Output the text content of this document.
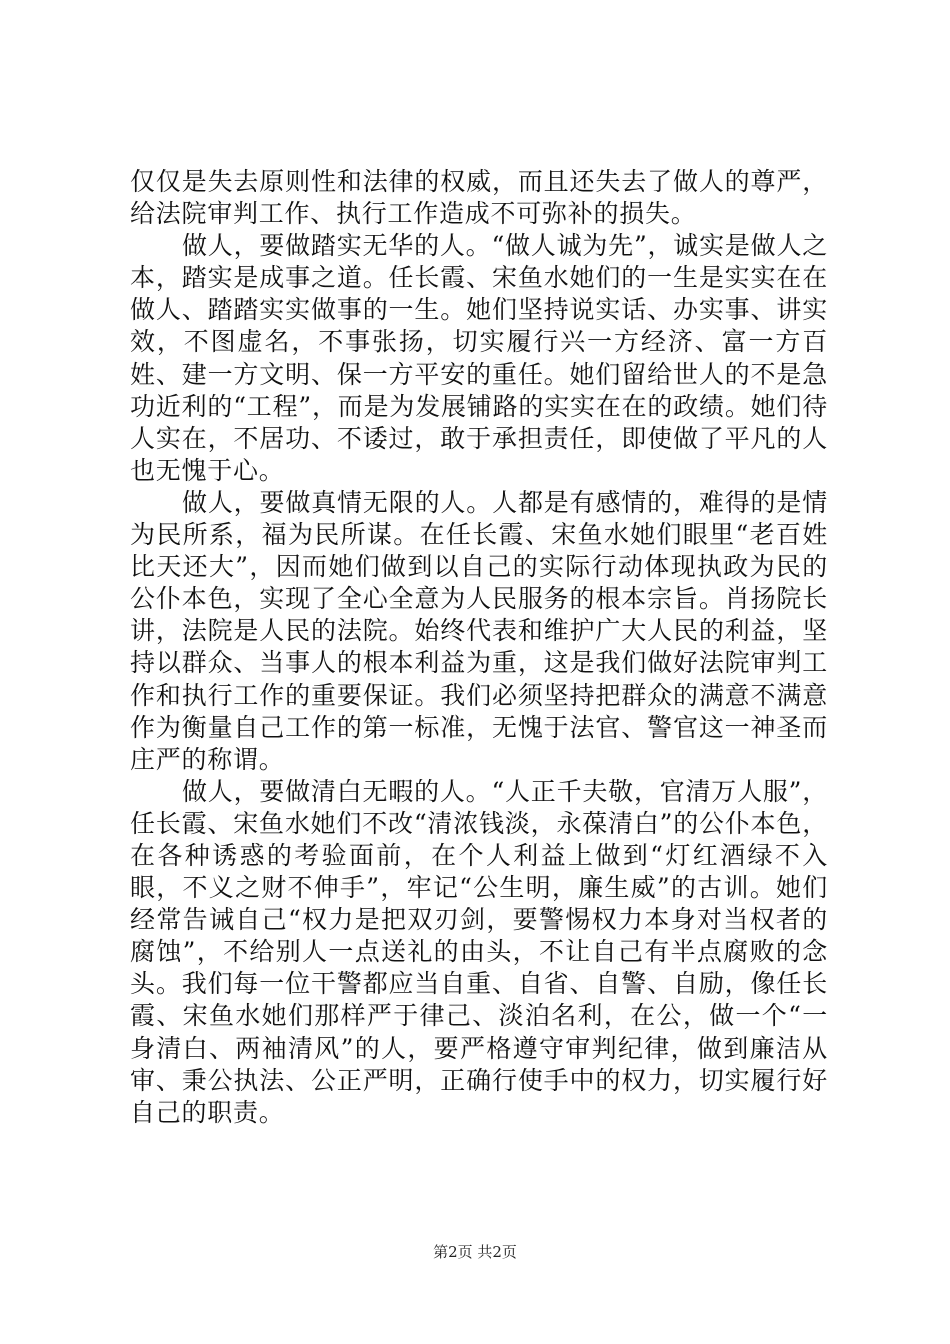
仅仅是失去原则性和法律的权威，而且还失去了做人的尊严，给法院审判工作、执行工作造成不可弥补的损失。

做人，要做踏实无华的人。“做人诚为先”，诚实是做人之本，踏实是成事之道。任长霞、宋鱼水她们的一生是实实在在做人、踏踏实实做事的一生。她们坚持说实话、办实事、讲实效，不图虚名，不事张扬，切实履行兴一方经济、富一方百姓、建一方文明、保一方平安的重任。她们留给世人的不是急功近利的“工程”，而是为发展铺路的实实在在的政绩。她们待人实在，不居功、不诿过，敢于承担责任，即使做了平凡的人也无愧于心。

做人，要做真情无限的人。人都是有感情的，难得的是情为民所系，福为民所谋。在任长霞、宋鱼水她们眼里“老百姓比天还大”，因而她们做到以自己的实际行动体现执政为民的公仆本色，实现了全心全意为人民服务的根本宗旨。肖扬院长讲，法院是人民的法院。始终代表和维护广大人民的利益，坚持以群众、当事人的根本利益为重，这是我们做好法院审判工作和执行工作的重要保证。我们必须坚持把群众的满意不满意作为衡量自己工作的第一标准，无愧于法官、警官这一神圣而庄严的称谓。

做人，要做清白无暇的人。“人正千夫敬，官清万人服”，任长霞、宋鱼水她们不改“清浓钱淡，永葆清白”的公仆本色，在各种诱惑的考验面前，在个人利益上做到“灯红酒绿不入眼，不义之财不伸手”，牢记“公生明，廉生威”的古训。她们经常告诫自己“权力是把双刃剑，要警惕权力本身对当权者的腐蚀”，不给别人一点送礼的由头，不让自己有半点腐败的念头。我们每一位干警都应当自重、自省、自警、自励，像任长霞、宋鱼水她们那样严于律己、淡泊名利，在公，做一个“一身清白、两袖清风”的人，要严格遵守审判纪律，做到廉洁从审、秉公执法、公正严明，正确行使手中的权力，切实履行好自己的职责。

第2页 共2页
